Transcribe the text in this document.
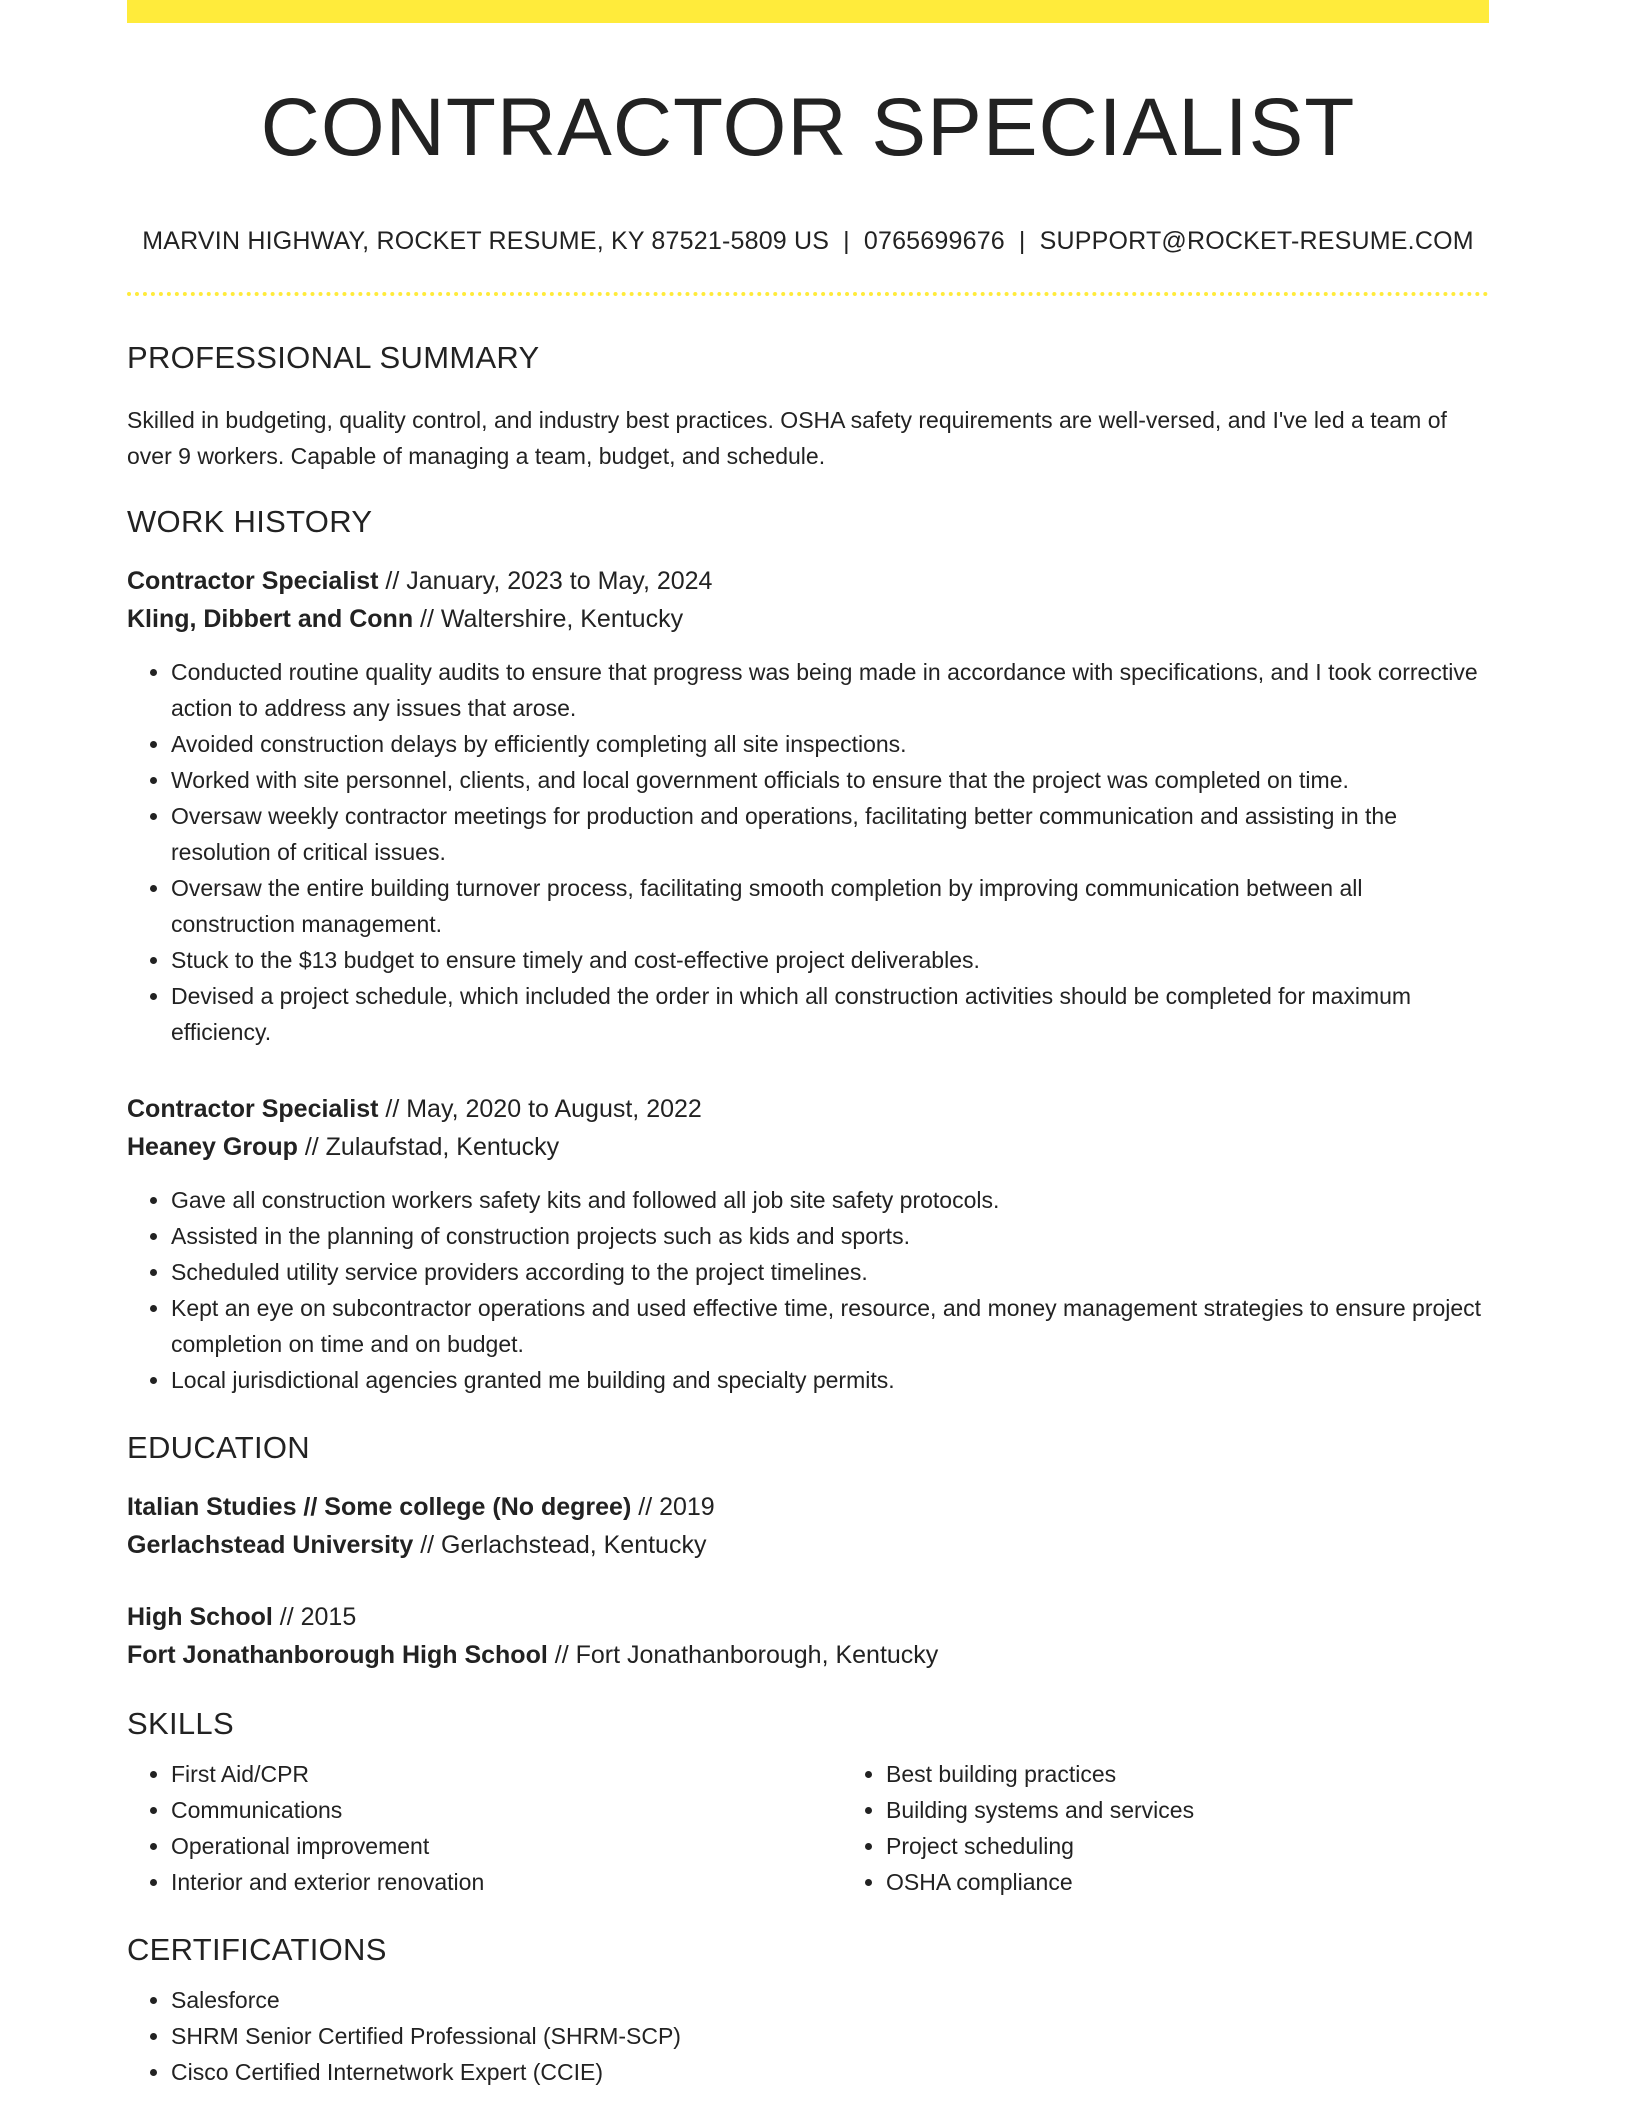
CONTRACTOR SPECIALIST
MARVIN HIGHWAY, ROCKET RESUME, KY 87521-5809 US | 0765699676 | SUPPORT@ROCKET-RESUME.COM
PROFESSIONAL SUMMARY
Skilled in budgeting, quality control, and industry best practices. OSHA safety requirements are well-versed, and I've led a team of over 9 workers. Capable of managing a team, budget, and schedule.
WORK HISTORY
Contractor Specialist // January, 2023 to May, 2024
Kling, Dibbert and Conn // Waltershire, Kentucky
• Conducted routine quality audits to ensure that progress was being made in accordance with specifications, and I took corrective action to address any issues that arose.
• Avoided construction delays by efficiently completing all site inspections.
• Worked with site personnel, clients, and local government officials to ensure that the project was completed on time.
• Oversaw weekly contractor meetings for production and operations, facilitating better communication and assisting in the resolution of critical issues.
• Oversaw the entire building turnover process, facilitating smooth completion by improving communication between all construction management.
• Stuck to the $13 budget to ensure timely and cost-effective project deliverables.
• Devised a project schedule, which included the order in which all construction activities should be completed for maximum efficiency.
Contractor Specialist // May, 2020 to August, 2022
Heaney Group // Zulaufstad, Kentucky
• Gave all construction workers safety kits and followed all job site safety protocols.
• Assisted in the planning of construction projects such as kids and sports.
• Scheduled utility service providers according to the project timelines.
• Kept an eye on subcontractor operations and used effective time, resource, and money management strategies to ensure project completion on time and on budget.
• Local jurisdictional agencies granted me building and specialty permits.
EDUCATION
Italian Studies // Some college (No degree) // 2019
Gerlachstead University // Gerlachstead, Kentucky
High School // 2015
Fort Jonathanborough High School // Fort Jonathanborough, Kentucky
SKILLS
• First Aid/CPR
• Communications
• Operational improvement
• Interior and exterior renovation
• Best building practices
• Building systems and services
• Project scheduling
• OSHA compliance
CERTIFICATIONS
• Salesforce
• SHRM Senior Certified Professional (SHRM-SCP)
• Cisco Certified Internetwork Expert (CCIE)
